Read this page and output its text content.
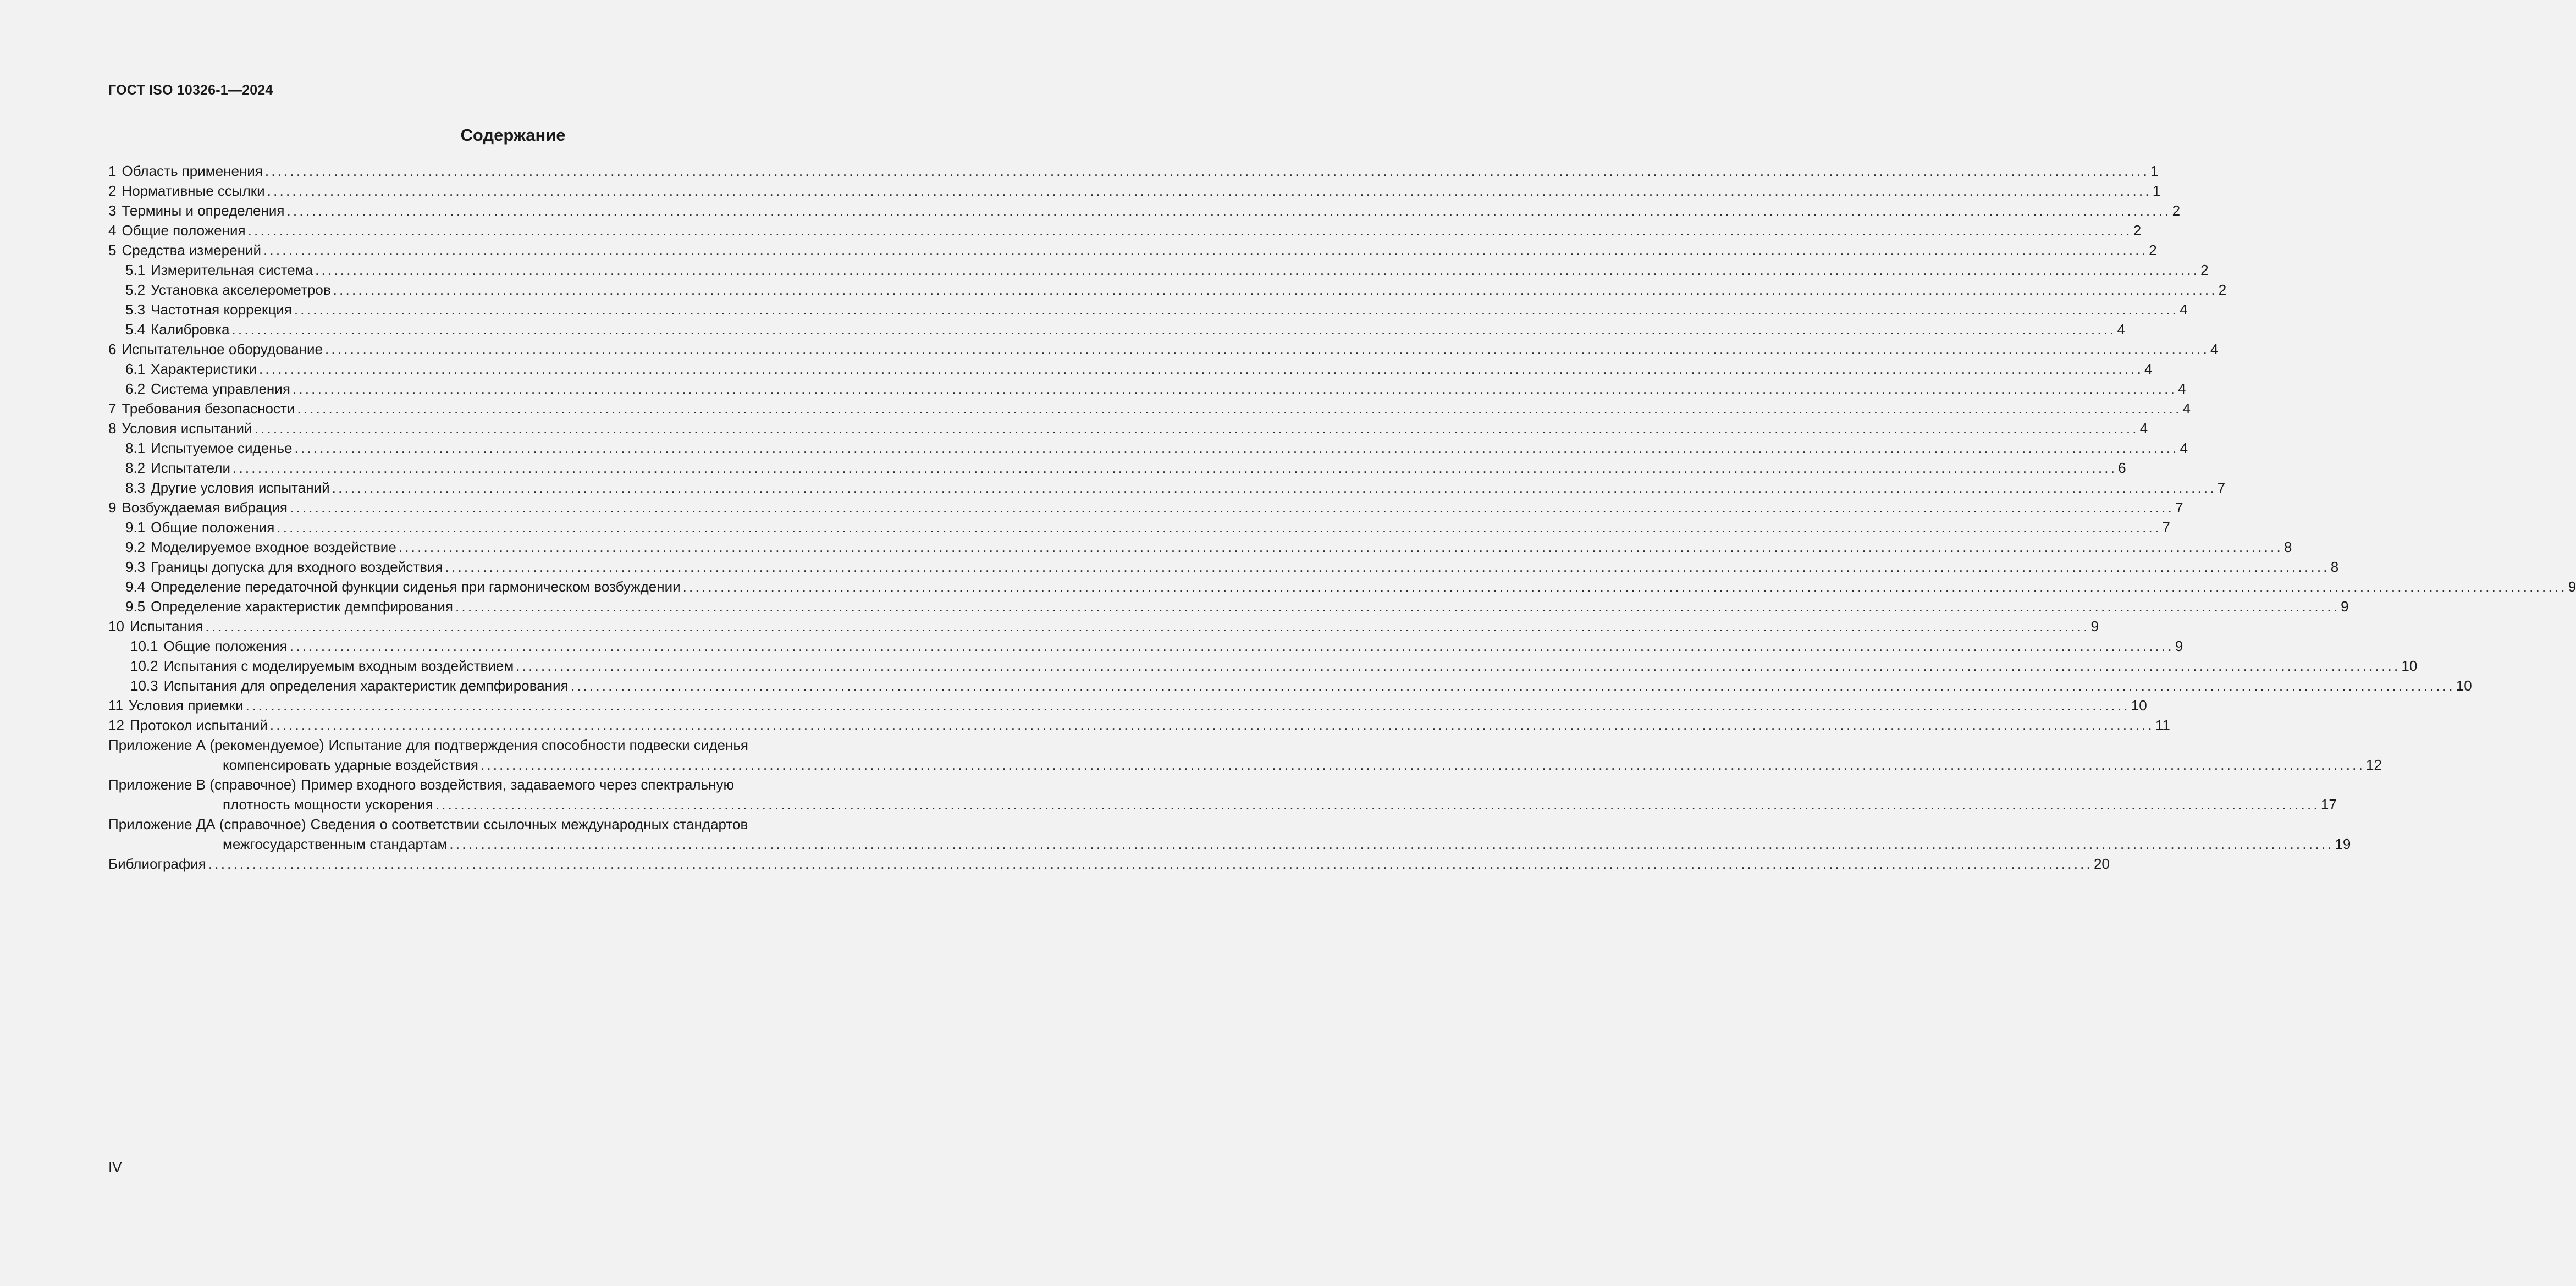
ГОСТ ISO 10326-1—2024
Содержание
1 Область применения ............................................................................................................................................................................................................................................................................................................ 1
2 Нормативные ссылки ............................................................................................................................................................................................................................................................................................................ 1
3 Термины и определения ............................................................................................................................................................................................................................................................................................................ 2
4 Общие положения ............................................................................................................................................................................................................................................................................................................ 2
5 Средства измерений ............................................................................................................................................................................................................................................................................................................ 2
5.1 Измерительная система ............................................................................................................................................................................................................................................................................................................ 2
5.2 Установка акселерометров ............................................................................................................................................................................................................................................................................................................ 2
5.3 Частотная коррекция ............................................................................................................................................................................................................................................................................................................ 4
5.4 Калибровка ............................................................................................................................................................................................................................................................................................................ 4
6 Испытательное оборудование ............................................................................................................................................................................................................................................................................................................ 4
6.1 Характеристики ............................................................................................................................................................................................................................................................................................................ 4
6.2 Система управления ............................................................................................................................................................................................................................................................................................................ 4
7 Требования безопасности ............................................................................................................................................................................................................................................................................................................ 4
8 Условия испытаний ............................................................................................................................................................................................................................................................................................................ 4
8.1 Испытуемое сиденье ............................................................................................................................................................................................................................................................................................................ 4
8.2 Испытатели ............................................................................................................................................................................................................................................................................................................ 6
8.3 Другие условия испытаний ............................................................................................................................................................................................................................................................................................................ 7
9 Возбуждаемая вибрация ............................................................................................................................................................................................................................................................................................................ 7
9.1 Общие положения ............................................................................................................................................................................................................................................................................................................ 7
9.2 Моделируемое входное воздействие ............................................................................................................................................................................................................................................................................................................ 8
9.3 Границы допуска для входного воздействия ............................................................................................................................................................................................................................................................................................................ 8
9.4 Определение передаточной функции сиденья при гармоническом возбуждении ............................................................................................................................................................................................................................................................................................................ 9
9.5 Определение характеристик демпфирования ............................................................................................................................................................................................................................................................................................................ 9
10 Испытания ............................................................................................................................................................................................................................................................................................................ 9
10.1 Общие положения ............................................................................................................................................................................................................................................................................................................ 9
10.2 Испытания с моделируемым входным воздействием ............................................................................................................................................................................................................................................................................................................ 10
10.3 Испытания для определения характеристик демпфирования ............................................................................................................................................................................................................................................................................................................ 10
11 Условия приемки ............................................................................................................................................................................................................................................................................................................ 10
12 Протокол испытаний ............................................................................................................................................................................................................................................................................................................ 11
Приложение А (рекомендуемое) Испытание для подтверждения способности подвески сиденья
компенсировать ударные воздействия ............................................................................................................................................................................................................................................................................................................ 12
Приложение В (справочное) Пример входного воздействия, задаваемого через спектральную
плотность мощности ускорения ............................................................................................................................................................................................................................................................................................................ 17
Приложение ДА (справочное) Сведения о соответствии ссылочных международных стандартов
межгосударственным стандартам ............................................................................................................................................................................................................................................................................................................ 19
Библиография ............................................................................................................................................................................................................................................................................................................ 20
IV
